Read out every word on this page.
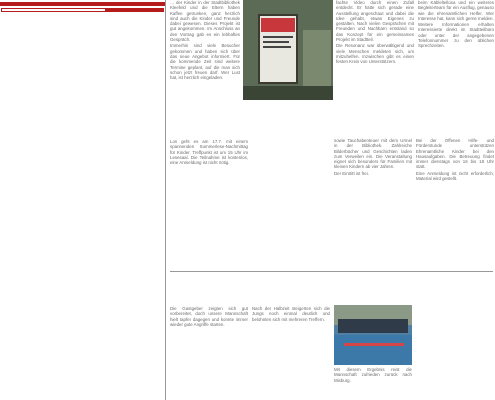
… der Kinder in der Stadtbibliothek Kleefeld und die Eltern haben Kaffee getrunken, ganz herzlich sind auch die Kinder und Freunde dabei gewesen. Dieses Projekt ist gut angekommen. Im Anschluss an den Vortrag gab es ein lebhaftes Gespräch.

Immerhin sind viele Besucher gekommen und haben sich über das neue Angebot informiert. Für die kommende Zeit sind weitere Termine geplant, auf die man sich schon jetzt freuen darf. Wer Lust hat, ist herzlich eingeladen.

fachte Video durch einen Zufall entdeckt. Er hatte sich gerade eine Ausstellung angeschaut und dabei die Idee gehabt, etwas Eigenes zu gestalten. Nach vielen Gesprächen mit Freunden und Nachbarn entstand so das Konzept für ein gemeinsames Projekt im Stadtteil.

Die Resonanz war überwältigend und viele Menschen meldeten sich, um mitzuhelfen. Inzwischen gibt es einen festen Kreis von Unterstützern.

beim Käbleltelloxa und ein weiteres Begleiterteam für ein Ausflug, genauso wie die ehrenamtlichen Helfer. Wer Interesse hat, kann sich gerne melden.

Weitere Informationen erhalten Interessierte direkt im Stadtteilbüro oder unter der angegebenen Telefonnummer zu den üblichen Sprechzeiten.

Los geht es am 17.7. mit einem spannenden Sommerlese-Nachmittag für Kinder. Treffpunkt ist um 15 Uhr im Lesesaal. Die Teilnahme ist kostenlos, eine Anmeldung ist nicht nötig.

sowie Tauchabenteuer mit dem Urmel in der Bibliothek. Zahlreiche Bilderbücher und Geschichten laden zum Verweilen ein. Die Veranstaltung eignet sich besonders für Familien mit kleinen Kindern ab vier Jahren.

Der Eintritt ist frei.

Bei der Offenen Hilfe- und Förderstunde unterstützen Ehrenamtliche Kinder bei den Hausaufgaben. Die Betreuung findet immer dienstags von 16 bis 18 Uhr statt.

Eine Anmeldung ist nicht erforderlich, Material wird gestellt.

Die Gastgeber zeigten sich gut vorbereitet, doch unsere Mannschaft hielt tapfer dagegen und konnte immer wieder gute Angriffe starten.

Nach der Halbzeit steigerten sich die Jungs noch einmal deutlich und belohnten sich mit mehreren Treffern.

Mit diesem Ergebnis reist die Mannschaft zufrieden zurück nach Misburg.
